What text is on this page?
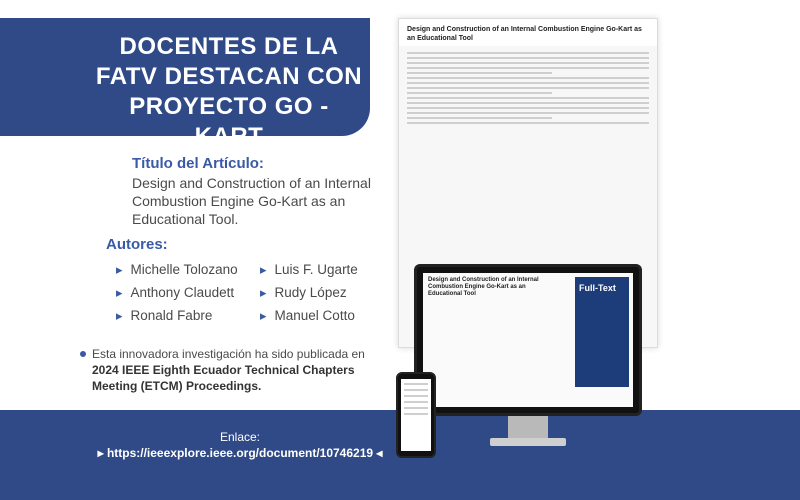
DOCENTES DE LA FATV DESTACAN CON PROYECTO GO - KART
Design and Construction of an Internal Combustion Engine Go-Kart as an Educational Tool
Título del Artículo:
Design and Construction of an Internal Combustion Engine Go-Kart as an Educational Tool.
Autores:
▸ Michelle Tolozano	▸ Luis F. Ugarte
▸ Anthony Claudett	▸ Rudy López
▸ Ronald Fabre	▸ Manuel Cotto
Esta innovadora investigación ha sido publicada en 2024 IEEE Eighth Ecuador Technical Chapters Meeting (ETCM) Proceedings.
Enlace:
▸ https://ieeexplore.ieee.org/document/10746219 ◂
Design and Construction of an Internal Combustion Engine Go-Kart as an Educational Tool
Full-Text
